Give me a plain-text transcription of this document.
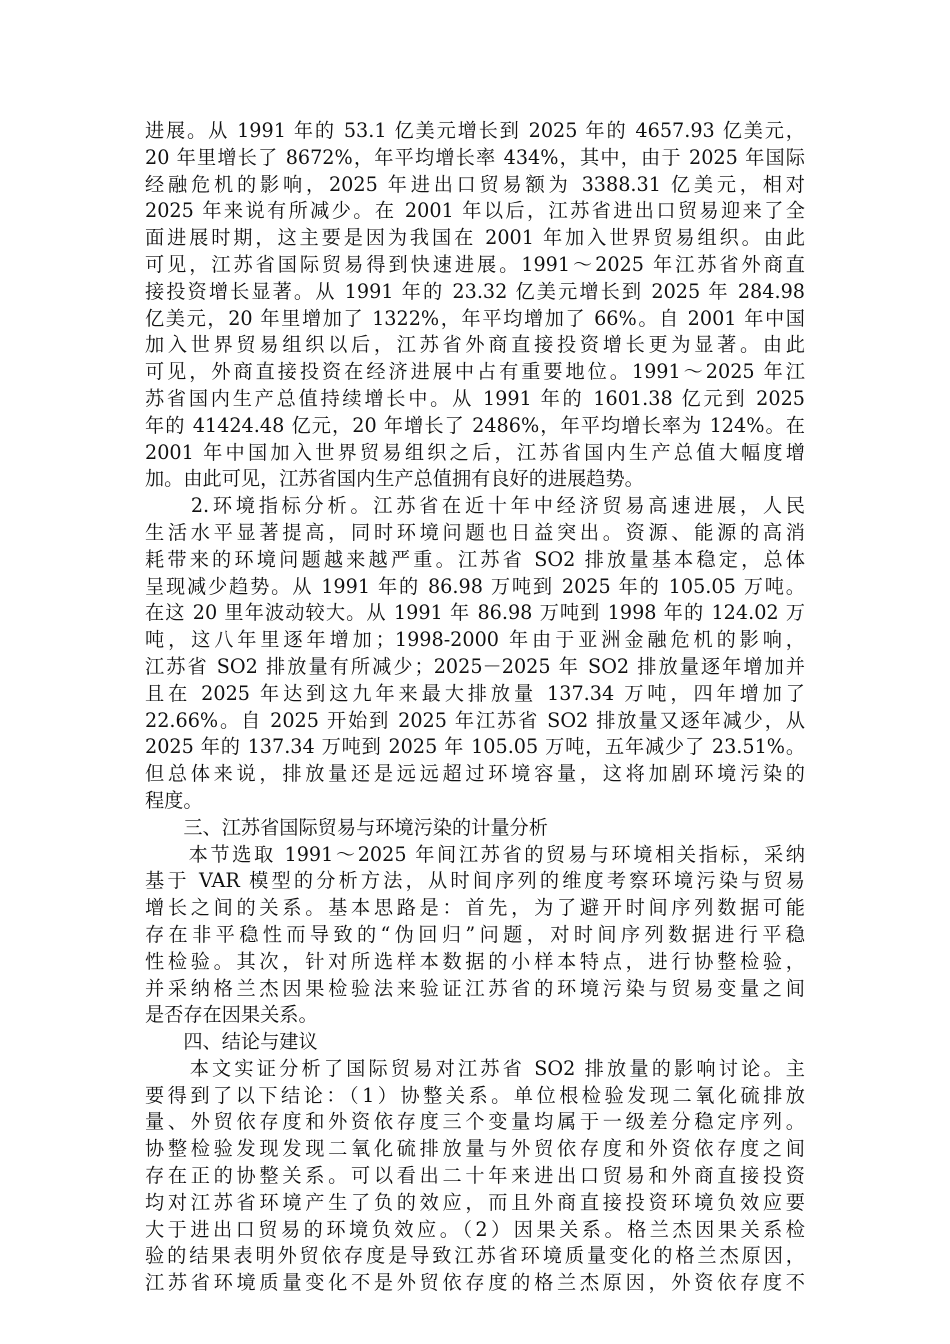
进展。从 1991 年的 53.1 亿美元增长到 2025 年的 4657.93 亿美元，
20 年里增长了 8672%，年平均增长率 434%，其中，由于 2025 年国际
经融危机的影响，2025 年进出口贸易额为 3388.31 亿美元，相对
2025 年来说有所减少。在 2001 年以后，江苏省进出口贸易迎来了全
面进展时期，这主要是因为我国在 2001 年加入世界贸易组织。由此
可见，江苏省国际贸易得到快速进展。1991～2025 年江苏省外商直
接投资增长显著。从 1991 年的 23.32 亿美元增长到 2025 年 284.98
亿美元，20 年里增加了 1322%，年平均增加了 66%。自 2001 年中国
加入世界贸易组织以后，江苏省外商直接投资增长更为显著。由此
可见，外商直接投资在经济进展中占有重要地位。1991～2025 年江
苏省国内生产总值持续增长中。从 1991 年的 1601.38 亿元到 2025
年的 41424.48 亿元，20 年增长了 2486%，年平均增长率为 124%。在
2001 年中国加入世界贸易组织之后，江苏省国内生产总值大幅度增
加。由此可见，江苏省国内生产总值拥有良好的进展趋势。
　　2.环境指标分析。江苏省在近十年中经济贸易高速进展，人民
生活水平显著提高，同时环境问题也日益突出。资源、能源的高消
耗带来的环境问题越来越严重。江苏省 SO2 排放量基本稳定，总体
呈现减少趋势。从 1991 年的 86.98 万吨到 2025 年的 105.05 万吨。
在这 20 里年波动较大。从 1991 年 86.98 万吨到 1998 年的 124.02 万
吨，这八年里逐年增加；1998-2000 年由于亚洲金融危机的影响，
江苏省 SO2 排放量有所减少；2025－2025 年 SO2 排放量逐年增加并
且在 2025 年达到这九年来最大排放量 137.34 万吨，四年增加了
22.66%。自 2025 开始到 2025 年江苏省 SO2 排放量又逐年减少，从
2025 年的 137.34 万吨到 2025 年 105.05 万吨，五年减少了 23.51%。
但总体来说，排放量还是远远超过环境容量，这将加剧环境污染的
程度。
　　三、江苏省国际贸易与环境污染的计量分析
　　本节选取 1991～2025 年间江苏省的贸易与环境相关指标，采纳
基于 VAR 模型的分析方法，从时间序列的维度考察环境污染与贸易
增长之间的关系。基本思路是：首先，为了避开时间序列数据可能
存在非平稳性而导致的“伪回归”问题，对时间序列数据进行平稳
性检验。其次，针对所选样本数据的小样本特点，进行协整检验，
并采纳格兰杰因果检验法来验证江苏省的环境污染与贸易变量之间
是否存在因果关系。
　　四、结论与建议
　　本文实证分析了国际贸易对江苏省 SO2 排放量的影响讨论。主
要得到了以下结论：（1）协整关系。单位根检验发现二氧化硫排放
量、外贸依存度和外资依存度三个变量均属于一级差分稳定序列。
协整检验发现发现二氧化硫排放量与外贸依存度和外资依存度之间
存在正的协整关系。可以看出二十年来进出口贸易和外商直接投资
均对江苏省环境产生了负的效应，而且外商直接投资环境负效应要
大于进出口贸易的环境负效应。（2）因果关系。格兰杰因果关系检
验的结果表明外贸依存度是导致江苏省环境质量变化的格兰杰原因，
江苏省环境质量变化不是外贸依存度的格兰杰原因，外资依存度不
